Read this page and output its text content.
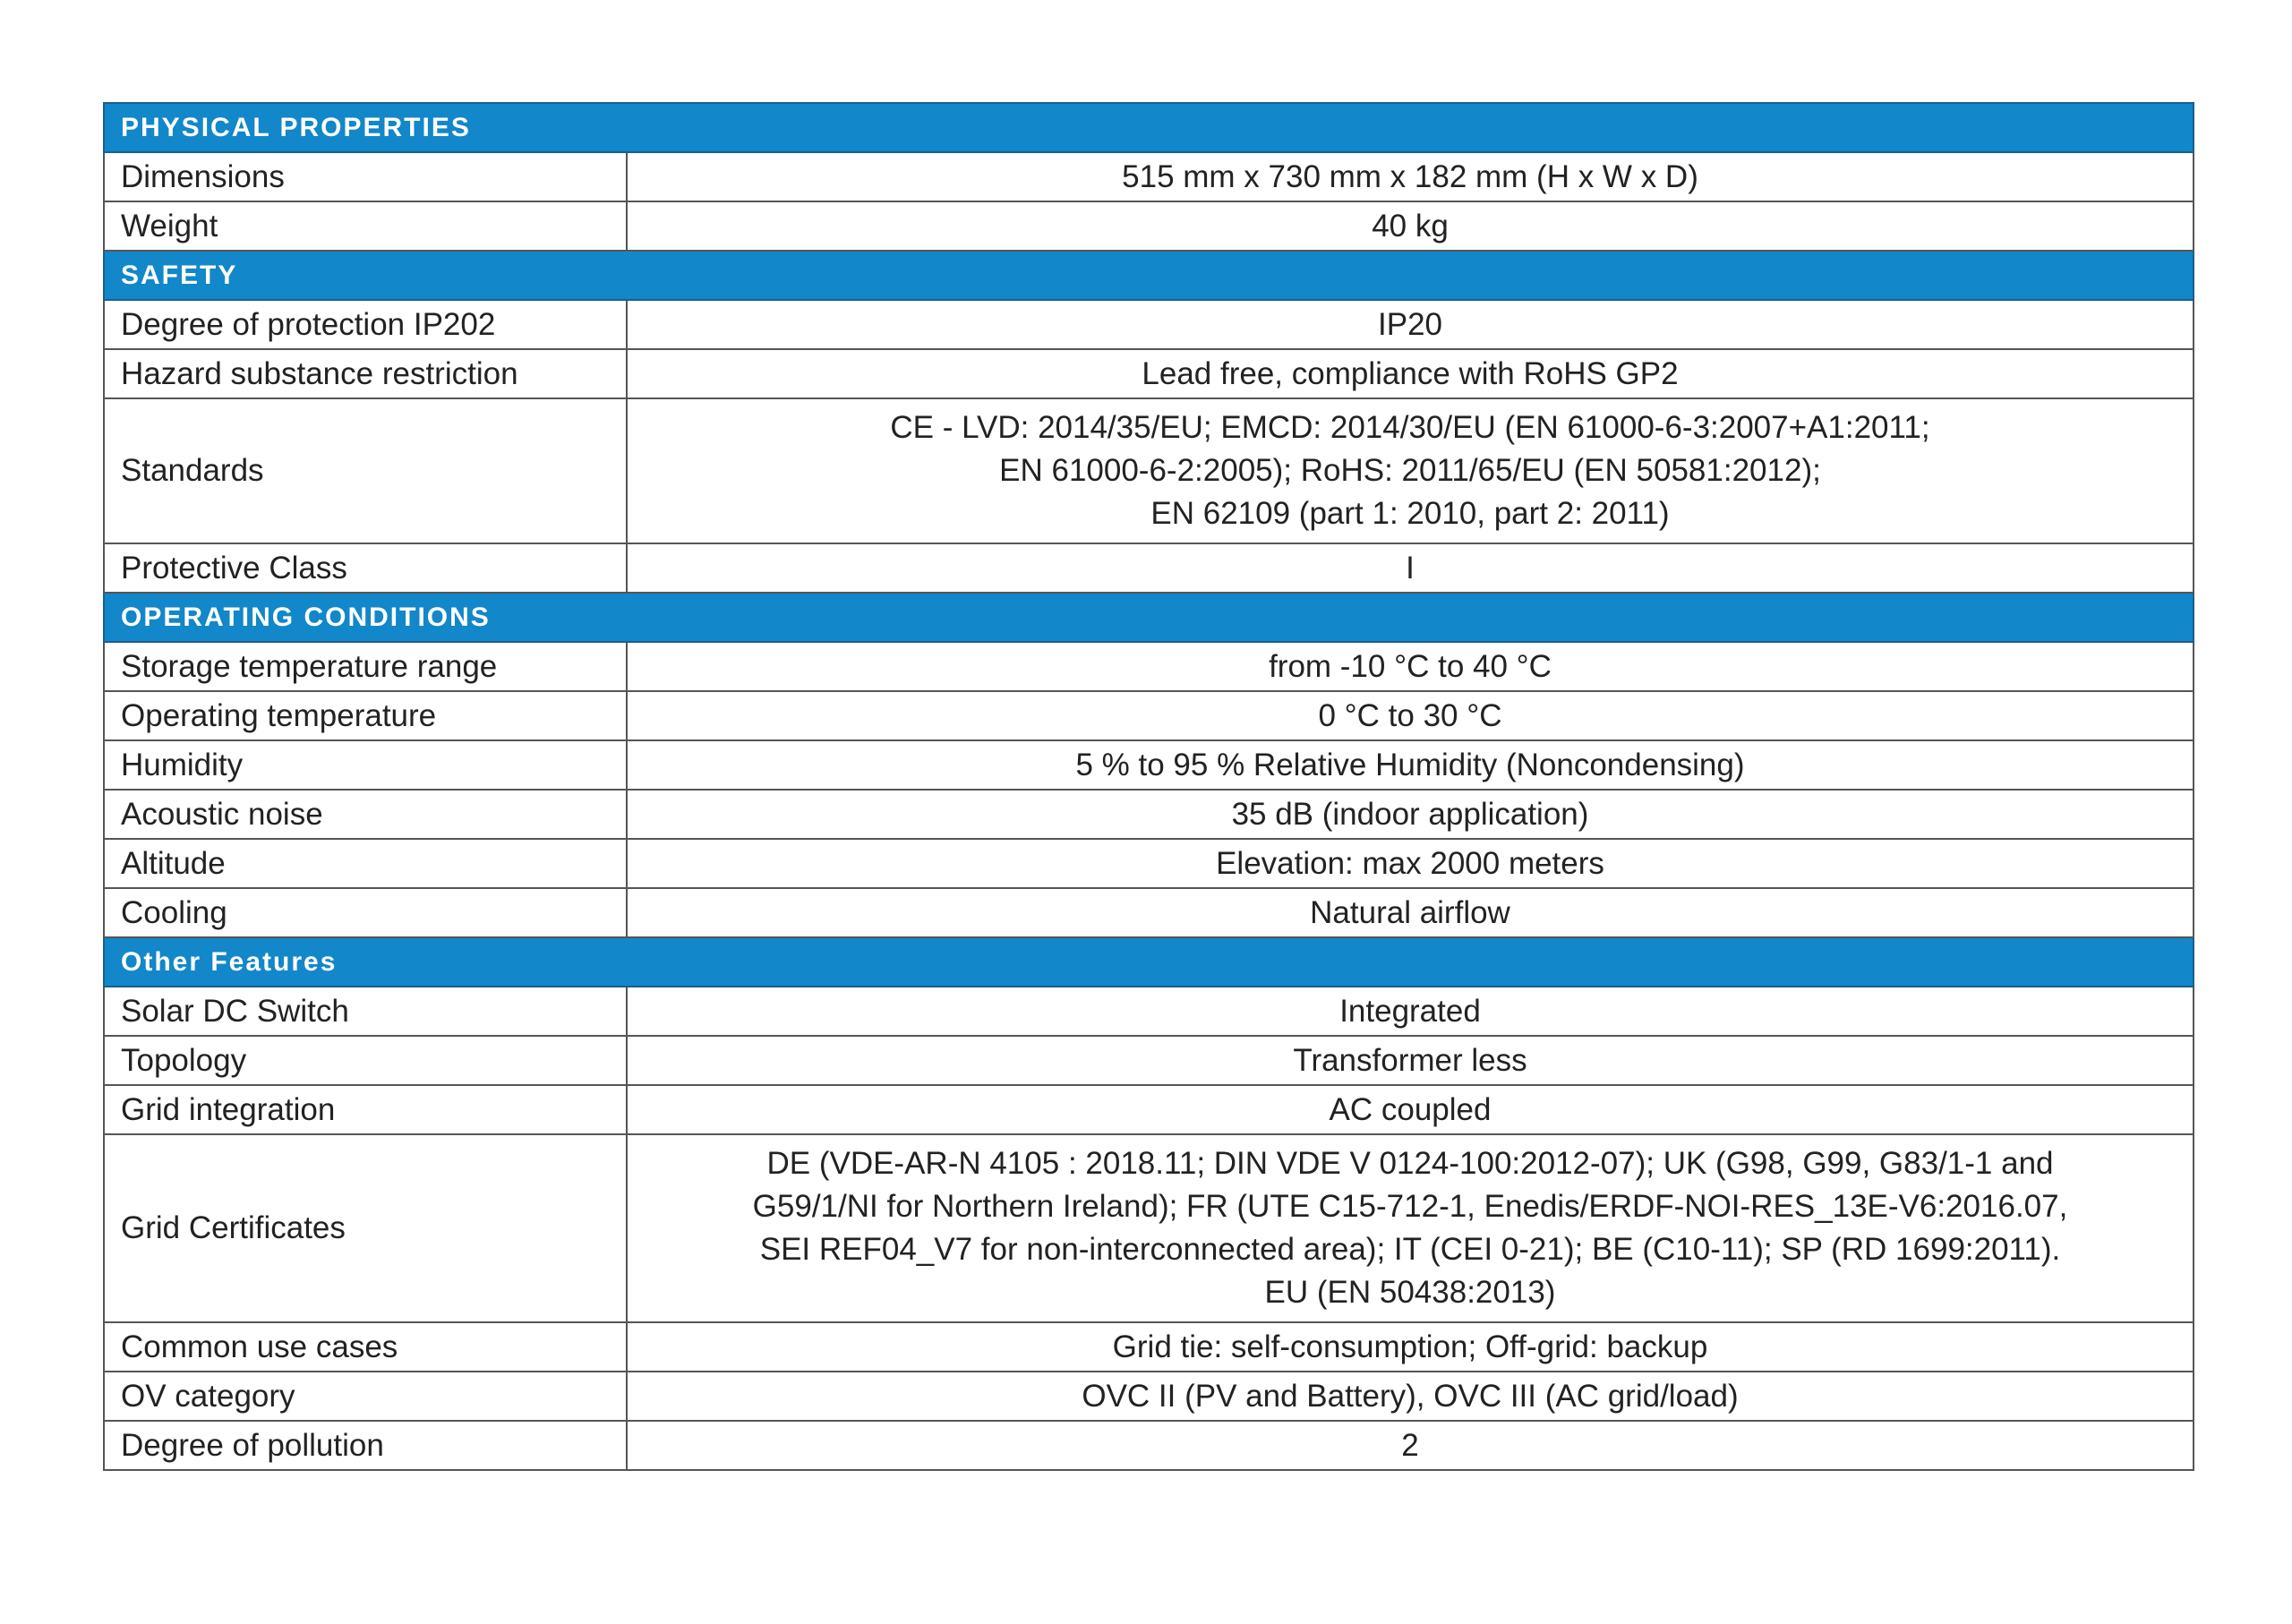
PHYSICAL PROPERTIES	
Dimensions	515 mm x 730 mm x 182 mm (H x W x D)

Weight	40 kg

SAFETY	
Degree of protection IP202	IP20

Hazard substance restriction	Lead free, compliance with RoHS GP2

Standards	CE - LVD: 2014/35/EU; EMCD: 2014/30/EU (EN 61000-6-3:2007+A1:2011;
EN 61000-6-2:2005); RoHS: 2011/65/EU (EN 50581:2012);
EN 62109 (part 1: 2010, part 2: 2011)

Protective Class	I

OPERATING CONDITIONS	
Storage temperature range	from -10 °C to 40 °C

Operating temperature	0 °C to 30 °C

Humidity	5 % to 95 % Relative Humidity (Noncondensing)

Acoustic noise	35 dB (indoor application)

Altitude	Elevation: max 2000 meters

Cooling	Natural airflow

Other Features	
Solar DC Switch	Integrated

Topology	Transformer less

Grid integration	AC coupled

Grid Certificates	DE (VDE-AR-N 4105 : 2018.11; DIN VDE V 0124-100:2012-07); UK (G98, G99, G83/1-1 and
G59/1/NI for Northern Ireland); FR (UTE C15-712-1, Enedis/ERDF-NOI-RES_13E-V6:2016.07,
SEI REF04_V7 for non-interconnected area); IT (CEI 0-21); BE (C10-11); SP (RD 1699:2011).
EU (EN 50438:2013)

Common use cases	Grid tie: self-consumption; Off-grid: backup

OV category	OVC II (PV and Battery), OVC III (AC grid/load)

Degree of pollution	2
